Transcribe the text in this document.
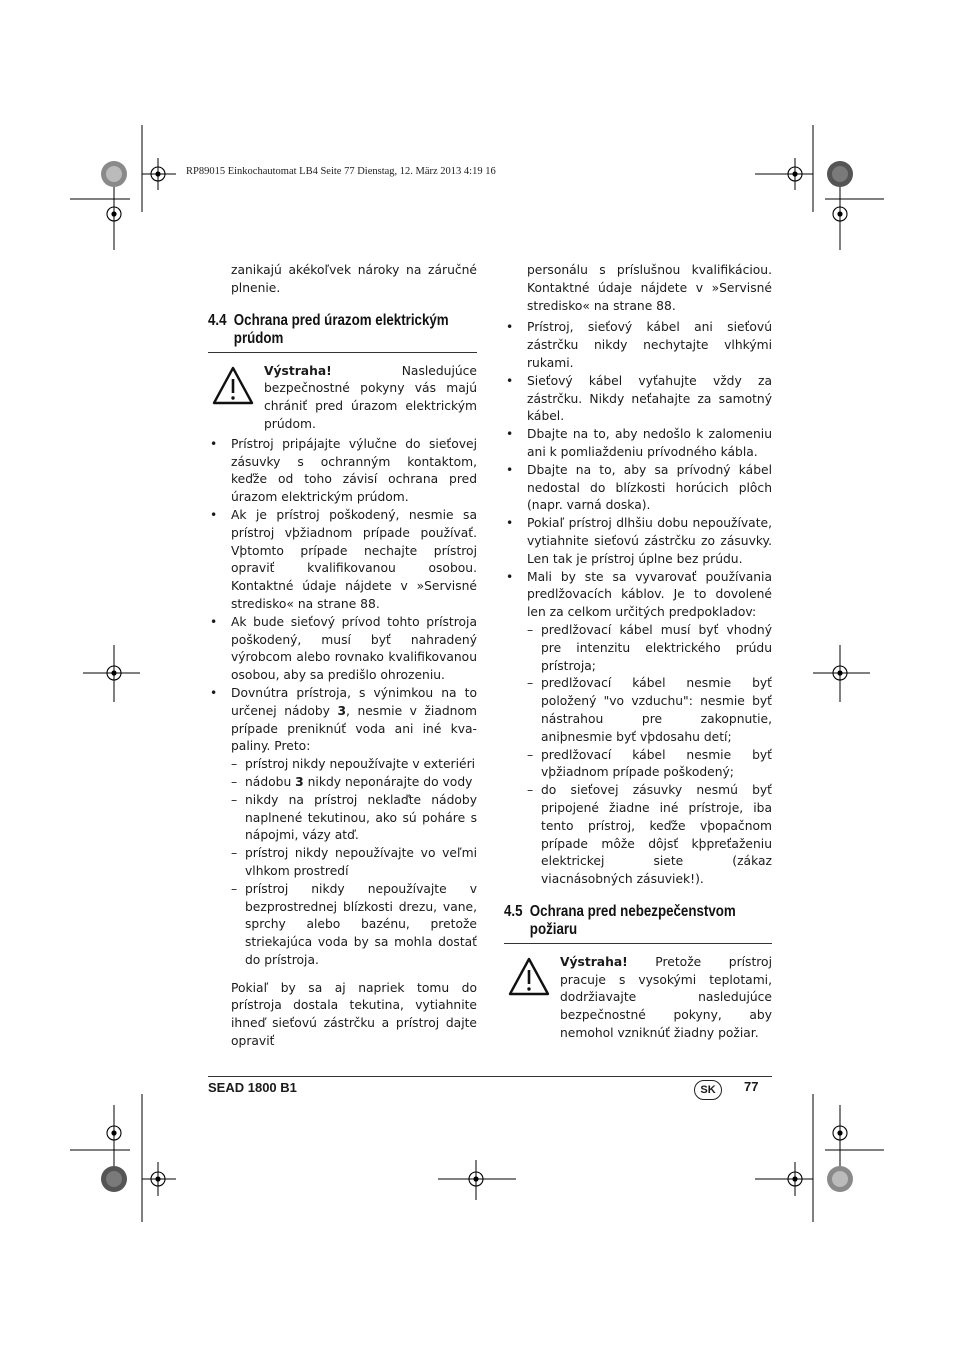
RP89015 Einkochautomat LB4 Seite 77 Dienstag, 12. März 2013 4:19 16

zanikajú akékoľvek nároky na záručné plnenie.

4.4 Ochrana pred úrazom elektrickým
prúdom
Výstraha! Nasledujúce bezpečnostné pokyny vás majú chrániť pred úrazom elektrickým prúdom.
• Prístroj pripájajte výlučne do sieťovej zásuvky s ochranným kontaktom, keďže od toho závisí ochrana pred úrazom elektrickým prúdom.
• Ak je prístroj poškodený, nesmie sa prístroj vþžiadnom prípade používať. Vþtomto prípade nechajte prístroj opraviť kvalifikovanou osobou. Kontaktné údaje nájdete v »Servisné stredisko« na strane 88.
• Ak bude sieťový prívod tohto prístroja poškodený, musí byť nahradený výrobcom alebo rovnako kvalifikovanou osobou, aby sa predišlo ohrozeniu.
• Dovnútra prístroja, s výnimkou na to určenej nádoby 3, nesmie v žiadnom prípade preniknúť voda ani iné kva-paliny. Preto:
– prístroj nikdy nepoužívajte v exteriéri
– nádobu 3 nikdy neponárajte do vody
– nikdy na prístroj neklaďte nádoby naplnené tekutinou, ako sú poháre s nápojmi, vázy atď.
– prístroj nikdy nepoužívajte vo veľmi vlhkom prostredí
– prístroj nikdy nepoužívajte v bezprostrednej blízkosti drezu, vane, sprchy alebo bazénu, pretože striekajúca voda by sa mohla dostať do prístroja.

Pokiaľ by sa aj napriek tomu do prístroja dostala tekutina, vytiahnite ihneď sieťovú zástrčku a prístroj dajte opraviť

personálu s príslušnou kvalifikáciou. Kontaktné údaje nájdete v »Servisné stredisko« na strane 88.

• Prístroj, sieťový kábel ani sieťovú zástrčku nikdy nechytajte vlhkými rukami.
• Sieťový kábel vyťahujte vždy za zástrčku. Nikdy neťahajte za samotný kábel.
• Dbajte na to, aby nedošlo k zalomeniu ani k pomliaždeniu prívodného kábla.
• Dbajte na to, aby sa prívodný kábel nedostal do blízkosti horúcich plôch (napr. varná doska).
• Pokiaľ prístroj dlhšiu dobu nepoužívate, vytiahnite sieťovú zástrčku zo zásuvky. Len tak je prístroj úplne bez prúdu.
• Mali by ste sa vyvarovať používania predlžovacích káblov. Je to dovolené len za celkom určitých predpokladov:
– predlžovací kábel musí byť vhodný pre intenzitu elektrického prúdu prístroja;
– predlžovací kábel nesmie byť položený "vo vzduchu": nesmie byť nástrahou pre zakopnutie, aniþnesmie byť vþdosahu detí;
– predlžovací kábel nesmie byť vþžiadnom prípade poškodený;
– do sieťovej zásuvky nesmú byť pripojené žiadne iné prístroje, iba tento prístroj, keďže vþopačnom prípade môže dôjsť kþpreťaženiu elektrickej siete (zákaz viacnásobných zásuviek!).
4.5 Ochrana pred nebezpečenstvom
požiaru
Výstraha! Pretože prístroj pracuje s vysokými teplotami, dodržiavajte nasledujúce bezpečnostné pokyny, aby nemohol vzniknúť žiadny požiar.
SEAD 1800 B1	SK	77
